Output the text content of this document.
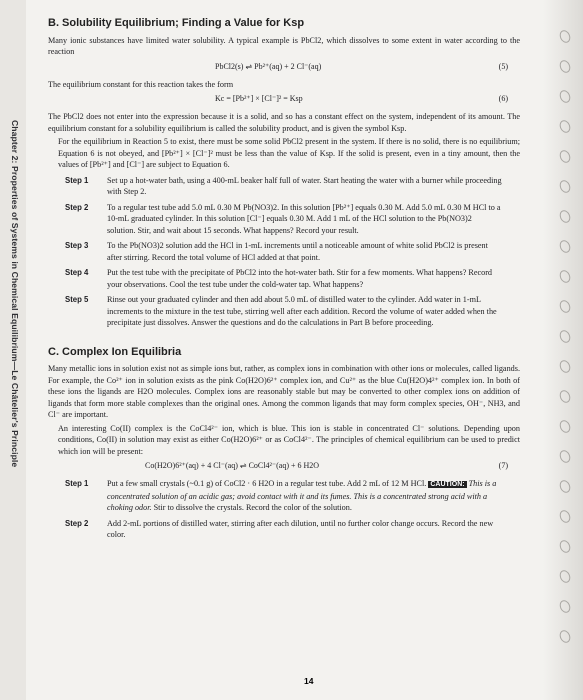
Chapter 2: Properties of Systems in Chemical Equilibrium—Le Châtelier's Principle
B. Solubility Equilibrium; Finding a Value for Ksp
Many ionic substances have limited water solubility. A typical example is PbCl2, which dissolves to some extent in water according to the reaction
PbCl2(s) ⇌ Pb²⁺(aq) + 2 Cl⁻(aq)	(5)
The equilibrium constant for this reaction takes the form
Kc = [Pb²⁺] × [Cl⁻]² = Ksp	(6)
The PbCl2 does not enter into the expression because it is a solid, and so has a constant effect on the system, independent of its amount. The equilibrium constant for a solubility equilibrium is called the solubility product, and is given the symbol Ksp.
For the equilibrium in Reaction 5 to exist, there must be some solid PbCl2 present in the system. If there is no solid, there is no equilibrium; Equation 6 is not obeyed, and [Pb²⁺] × [Cl⁻]² must be less than the value of Ksp. If the solid is present, even in a tiny amount, then the values of [Pb²⁺] and [Cl⁻] are subject to Equation 6.
Step 1	Set up a hot-water bath, using a 400-mL beaker half full of water. Start heating the water with a burner while proceeding with Step 2.
Step 2	To a regular test tube add 5.0 mL 0.30 M Pb(NO3)2. In this solution [Pb²⁺] equals 0.30 M. Add 5.0 mL 0.30 M HCl to a 10-mL graduated cylinder. In this solution [Cl⁻] equals 0.30 M. Add 1 mL of the HCl solution to the Pb(NO3)2 solution. Stir, and wait about 15 seconds. What happens? Record your result.
Step 3	To the Pb(NO3)2 solution add the HCl in 1-mL increments until a noticeable amount of white solid PbCl2 is present after stirring. Record the total volume of HCl added at that point.
Step 4	Put the test tube with the precipitate of PbCl2 into the hot-water bath. Stir for a few moments. What happens? Record your observations. Cool the test tube under the cold-water tap. What happens?
Step 5	Rinse out your graduated cylinder and then add about 5.0 mL of distilled water to the cylinder. Add water in 1-mL increments to the mixture in the test tube, stirring well after each addition. Record the volume of water added when the precipitate just dissolves. Answer the questions and do the calculations in Part B before proceeding.
C. Complex Ion Equilibria
Many metallic ions in solution exist not as simple ions but, rather, as complex ions in combination with other ions or molecules, called ligands. For example, the Co²⁺ ion in solution exists as the pink Co(H2O)6²⁺ complex ion, and Cu²⁺ as the blue Cu(H2O)4²⁺ complex ion. In both of these ions the ligands are H2O molecules. Complex ions are reasonably stable but may be converted to other complex ions on addition of ligands that form more stable complexes than the original ones. Among the common ligands that may form complex species, OH⁻, NH3, and Cl⁻ are important.
An interesting Co(II) complex is the CoCl4²⁻ ion, which is blue. This ion is stable in concentrated Cl⁻ solutions. Depending upon conditions, Co(II) in solution may exist as either Co(H2O)6²⁺ or as CoCl4²⁻. The principles of chemical equilibrium can be used to predict which ion will be present:
Co(H2O)6²⁺(aq) + 4 Cl⁻(aq) ⇌ CoCl4²⁻(aq) + 6 H2O	(7)
Step 1	Put a few small crystals (~0.1 g) of CoCl2 · 6 H2O in a regular test tube. Add 2 mL of 12 M HCl. CAUTION: This is a concentrated solution of an acidic gas; avoid contact with it and its fumes. This is a concentrated strong acid with a choking odor. Stir to dissolve the crystals. Record the color of the solution.
Step 2	Add 2-mL portions of distilled water, stirring after each dilution, until no further color change occurs. Record the new color.
14
